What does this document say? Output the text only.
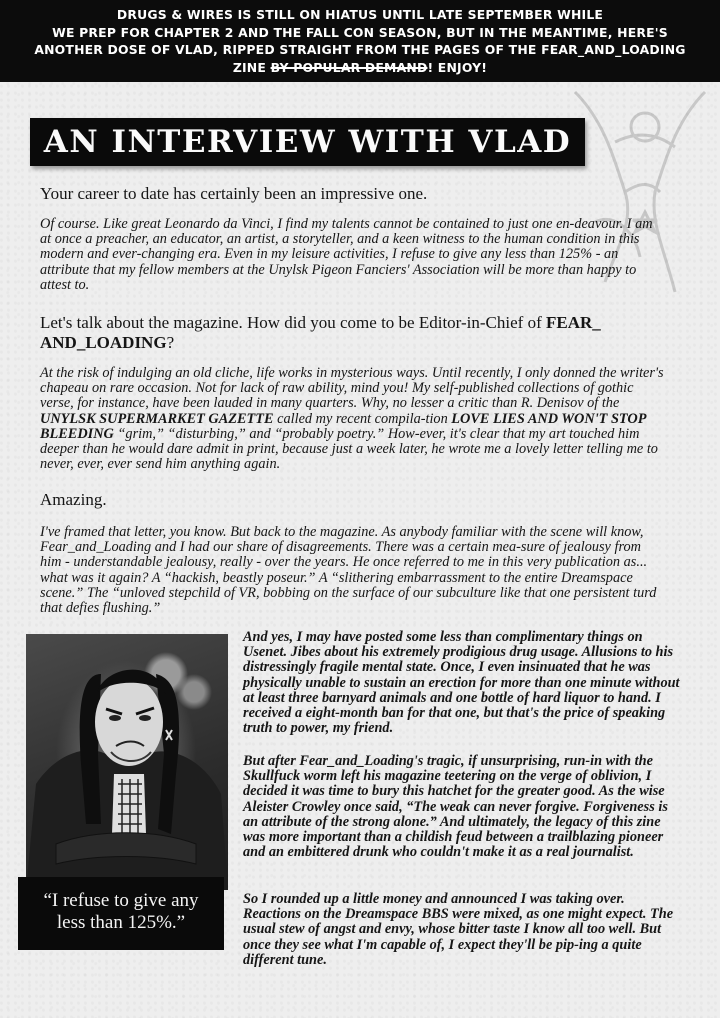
DRUGS & WIRES IS STILL ON HIATUS UNTIL LATE SEPTEMBER WHILE
WE PREP FOR CHAPTER 2 AND THE FALL CON SEASON, BUT IN THE MEANTIME, HERE'S
ANOTHER DOSE OF VLAD, RIPPED STRAIGHT FROM THE PAGES OF THE FEAR_AND_LOADING
ZINE BY POPULAR DEMAND! ENJOY!
AN INTERVIEW WITH VLAD
Your career to date has certainly been an impressive one.
Of course. Like great Leonardo da Vinci, I find my talents cannot be contained to just one en-deavour. I am at once a preacher, an educator, an artist, a storyteller, and a keen witness to the human condition in this modern and ever-changing era. Even in my leisure activities, I refuse to give any less than 125% - an attribute that my fellow members at the Unylsk Pigeon Fanciers' Association will be more than happy to attest to.
Let's talk about the magazine. How did you come to be Editor-in-Chief of FEAR_
AND_LOADING?
At the risk of indulging an old cliche, life works in mysterious ways. Until recently, I only donned the writer's chapeau on rare occasion. Not for lack of raw ability, mind you! My self-published collections of gothic verse, for instance, have been lauded in many quarters. Why, no lesser a critic than R. Denisov of the UNYLSK SUPERMARKET GAZETTE called my recent compila-tion LOVE LIES AND WON'T STOP BLEEDING “grim,” “disturbing,” and “probably poetry.” How-ever, it's clear that my art touched him deeper than he would dare admit in print, because just a week later, he wrote me a lovely letter telling me to never, ever, ever send him anything again.
Amazing.
I've framed that letter, you know. But back to the magazine. As anybody familiar with the scene will know, Fear_and_Loading and I had our share of disagreements. There was a certain mea-sure of jealousy from him - understandable jealousy, really - over the years. He once referred to me in this very publication as... what was it again? A “hackish, beastly poseur.” A “slithering embarrassment to the entire Dreamspace scene.” The “unloved stepchild of VR, bobbing on the surface of our subculture like that one persistent turd that defies flushing.”
“I refuse to give any
less than 125%.”
And yes, I may have posted some less than complimentary things on Usenet. Jibes about his extremely prodigious drug usage. Allusions to his distressingly fragile mental state. Once, I even insinuated that he was physically unable to sustain an erection for more than one minute without at least three barnyard animals and one bottle of hard liquor to hand. I received a eight-month ban for that one, but that's the price of speaking truth to power, my friend.
But after Fear_and_Loading's tragic, if unsurprising, run-in with the Skullfuck worm left his magazine teetering on the verge of oblivion, I decided it was time to bury this hatchet for the greater good. As the wise Aleister Crowley once said, “The weak can never forgive. Forgiveness is an attribute of the strong alone.” And ultimately, the legacy of this zine was more important than a childish feud between a trailblazing pioneer and an embittered drunk who couldn't make it as a real journalist.
So I rounded up a little money and announced I was taking over. Reactions on the Dreamspace BBS were mixed, as one might expect. The usual stew of angst and envy, whose bitter taste I know all too well. But once they see what I'm capable of, I expect they'll be pip-ing a quite different tune.
